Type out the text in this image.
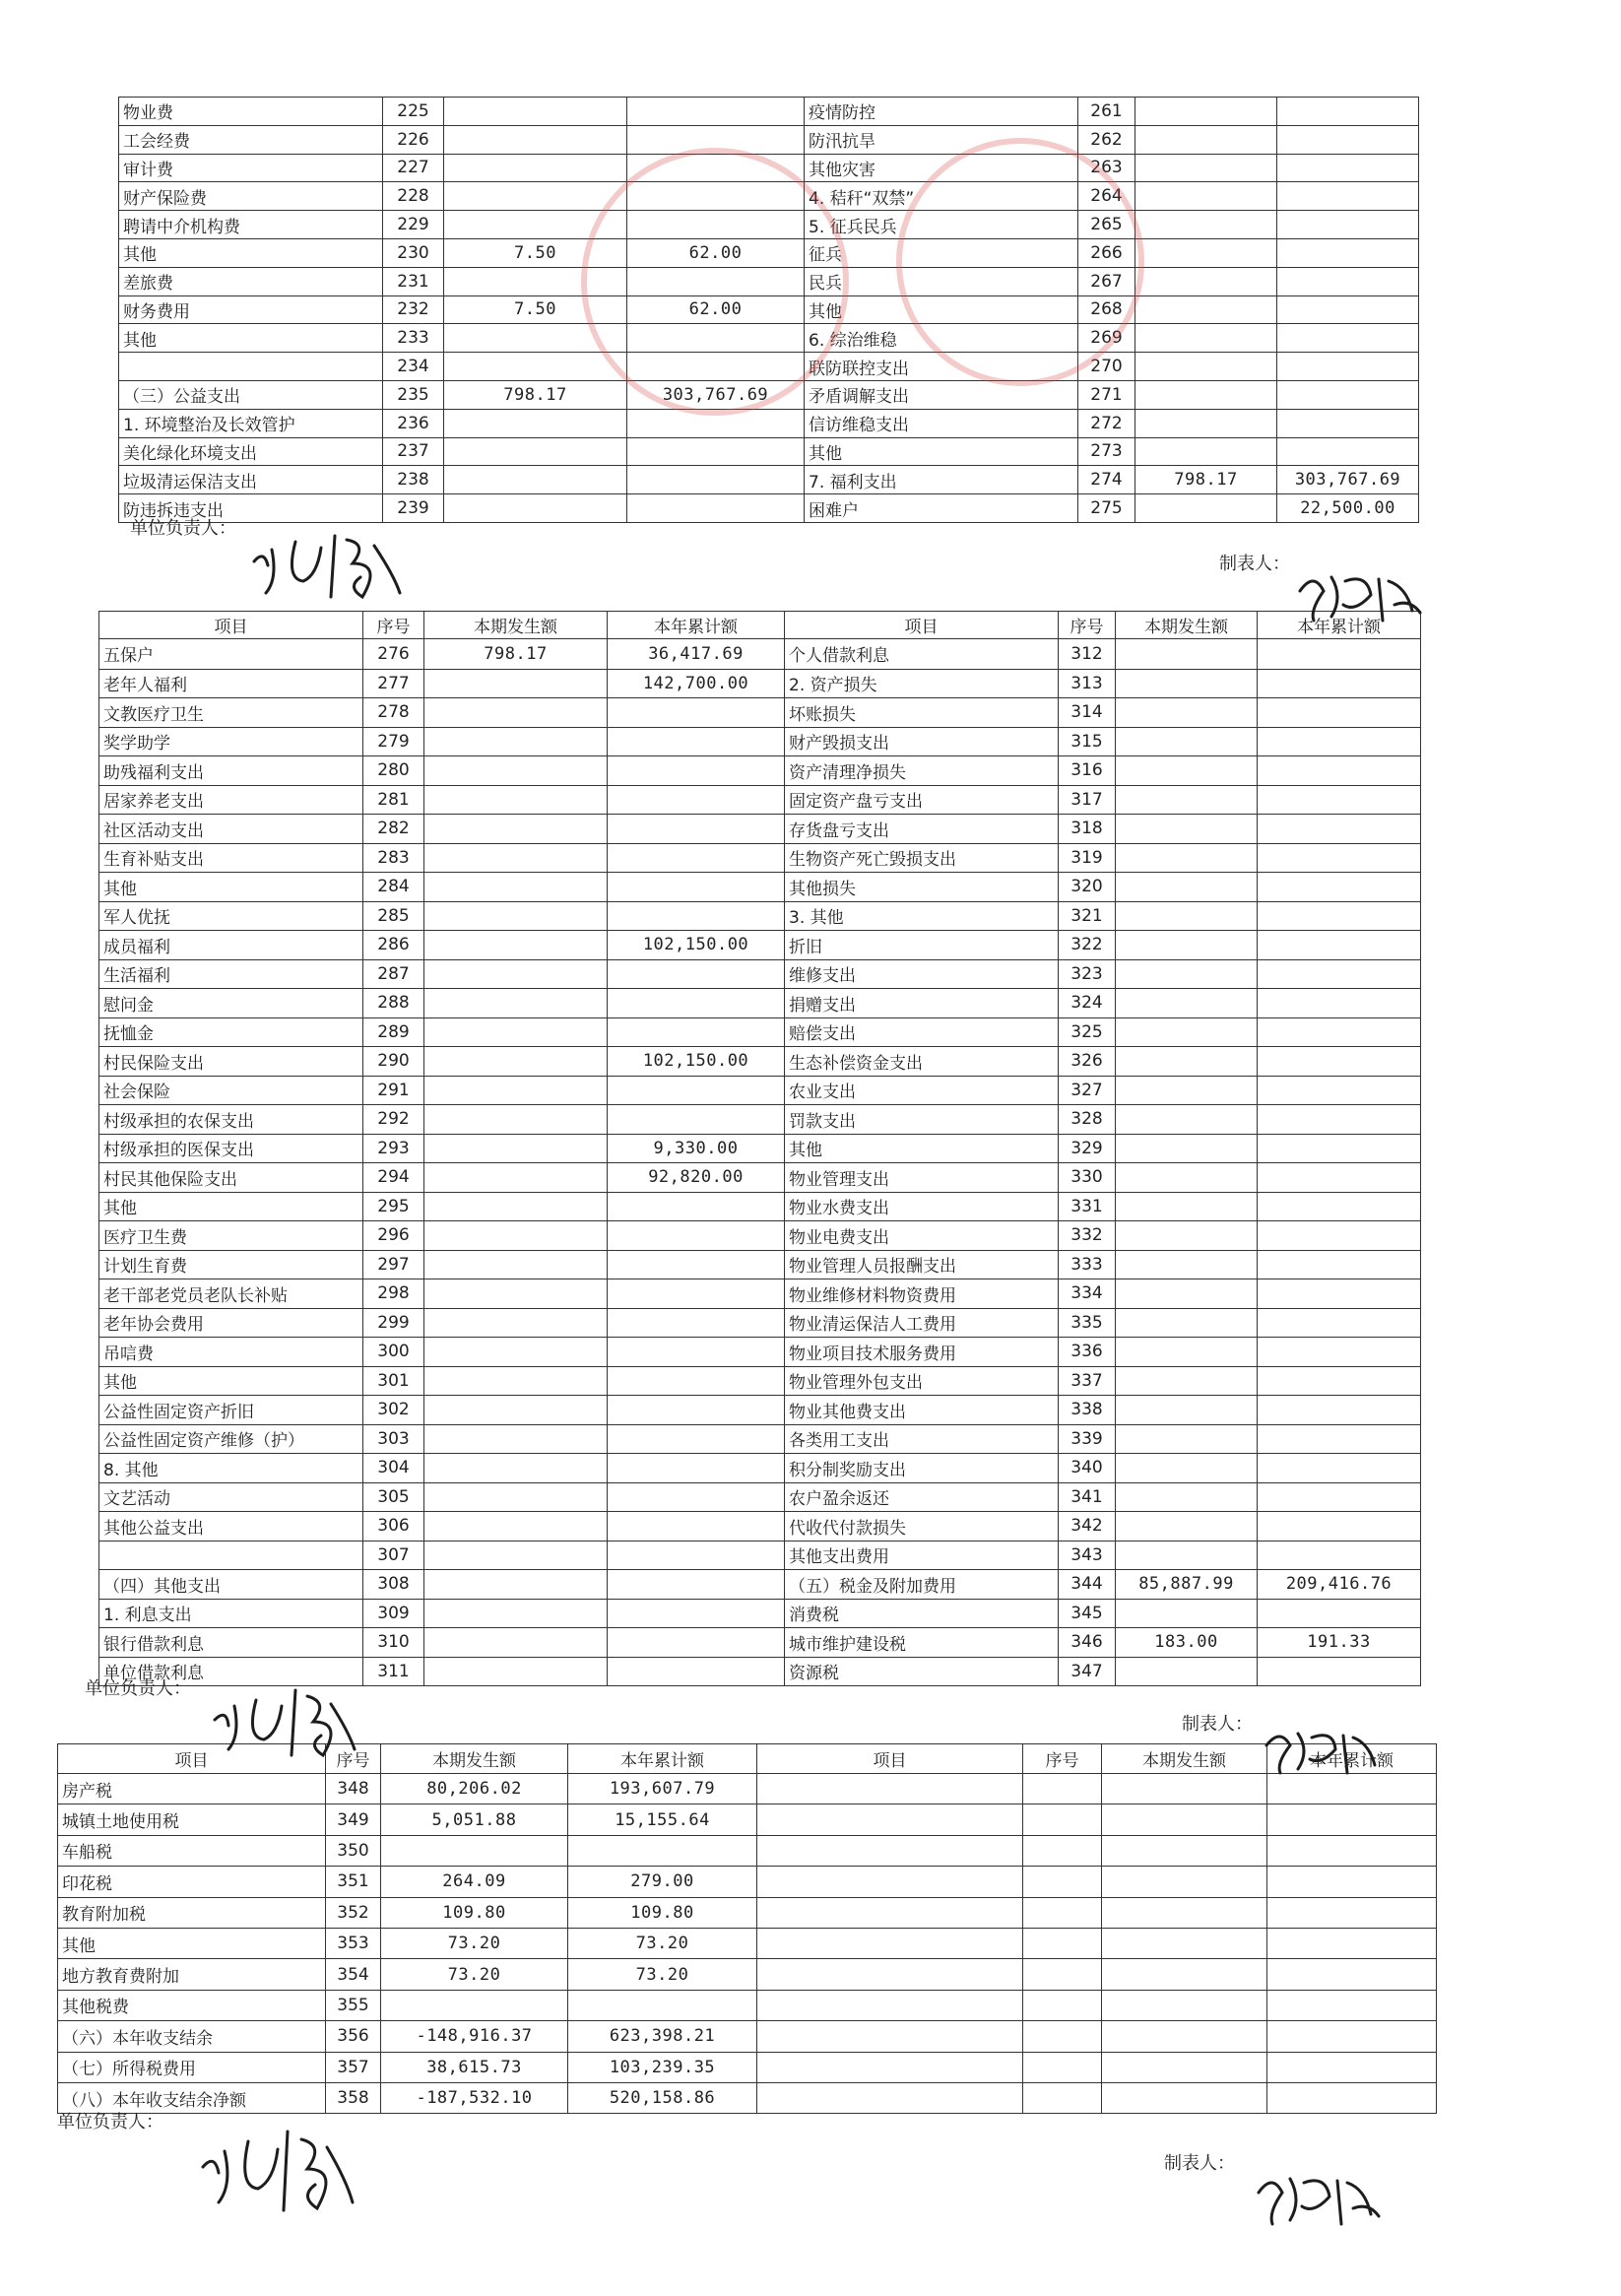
物业费	225			疫情防控	261		
工会经费	226			防汛抗旱	262		
审计费	227			其他灾害	263		
财产保险费	228			4. 秸秆“双禁”	264		
聘请中介机构费	229			5. 征兵民兵	265		
其他	230	7.50	62.00	征兵	266		
差旅费	231			民兵	267		
财务费用	232	7.50	62.00	其他	268		
其他	233			6. 综治维稳	269		
	234			联防联控支出	270		
（三）公益支出	235	798.17	303,767.69	矛盾调解支出	271		
1. 环境整治及长效管护	236			信访维稳支出	272		
美化绿化环境支出	237			其他	273		
垃圾清运保洁支出	238			7. 福利支出	274	798.17	303,767.69
防违拆违支出	239			困难户	275		22,500.00
单位负责人：
制表人：
项目	序号	本期发生额	本年累计额	项目	序号	本期发生额	本年累计额
五保户	276	798.17	36,417.69	个人借款利息	312		
老年人福利	277		142,700.00	2. 资产损失	313		
文教医疗卫生	278			坏账损失	314		
奖学助学	279			财产毁损支出	315		
助残福利支出	280			资产清理净损失	316		
居家养老支出	281			固定资产盘亏支出	317		
社区活动支出	282			存货盘亏支出	318		
生育补贴支出	283			生物资产死亡毁损支出	319		
其他	284			其他损失	320		
军人优抚	285			3. 其他	321		
成员福利	286		102,150.00	折旧	322		
生活福利	287			维修支出	323		
慰问金	288			捐赠支出	324		
抚恤金	289			赔偿支出	325		
村民保险支出	290		102,150.00	生态补偿资金支出	326		
社会保险	291			农业支出	327		
村级承担的农保支出	292			罚款支出	328		
村级承担的医保支出	293		9,330.00	其他	329		
村民其他保险支出	294		92,820.00	物业管理支出	330		
其他	295			物业水费支出	331		
医疗卫生费	296			物业电费支出	332		
计划生育费	297			物业管理人员报酬支出	333		
老干部老党员老队长补贴	298			物业维修材料物资费用	334		
老年协会费用	299			物业清运保洁人工费用	335		
吊唁费	300			物业项目技术服务费用	336		
其他	301			物业管理外包支出	337		
公益性固定资产折旧	302			物业其他费支出	338		
公益性固定资产维修（护）	303			各类用工支出	339		
8. 其他	304			积分制奖励支出	340		
文艺活动	305			农户盈余返还	341		
其他公益支出	306			代收代付款损失	342		
	307			其他支出费用	343		
（四）其他支出	308			（五）税金及附加费用	344	85,887.99	209,416.76
1. 利息支出	309			消费税	345		
银行借款利息	310			城市维护建设税	346	183.00	191.33
单位借款利息	311			资源税	347		
单位负责人：
制表人：
项目	序号	本期发生额	本年累计额	项目	序号	本期发生额	本年累计额
房产税	348	80,206.02	193,607.79				
城镇土地使用税	349	5,051.88	15,155.64				
车船税	350						
印花税	351	264.09	279.00				
教育附加税	352	109.80	109.80				
其他	353	73.20	73.20				
地方教育费附加	354	73.20	73.20				
其他税费	355						
（六）本年收支结余	356	-148,916.37	623,398.21				
（七）所得税费用	357	38,615.73	103,239.35				
（八）本年收支结余净额	358	-187,532.10	520,158.86				
单位负责人：
制表人：
